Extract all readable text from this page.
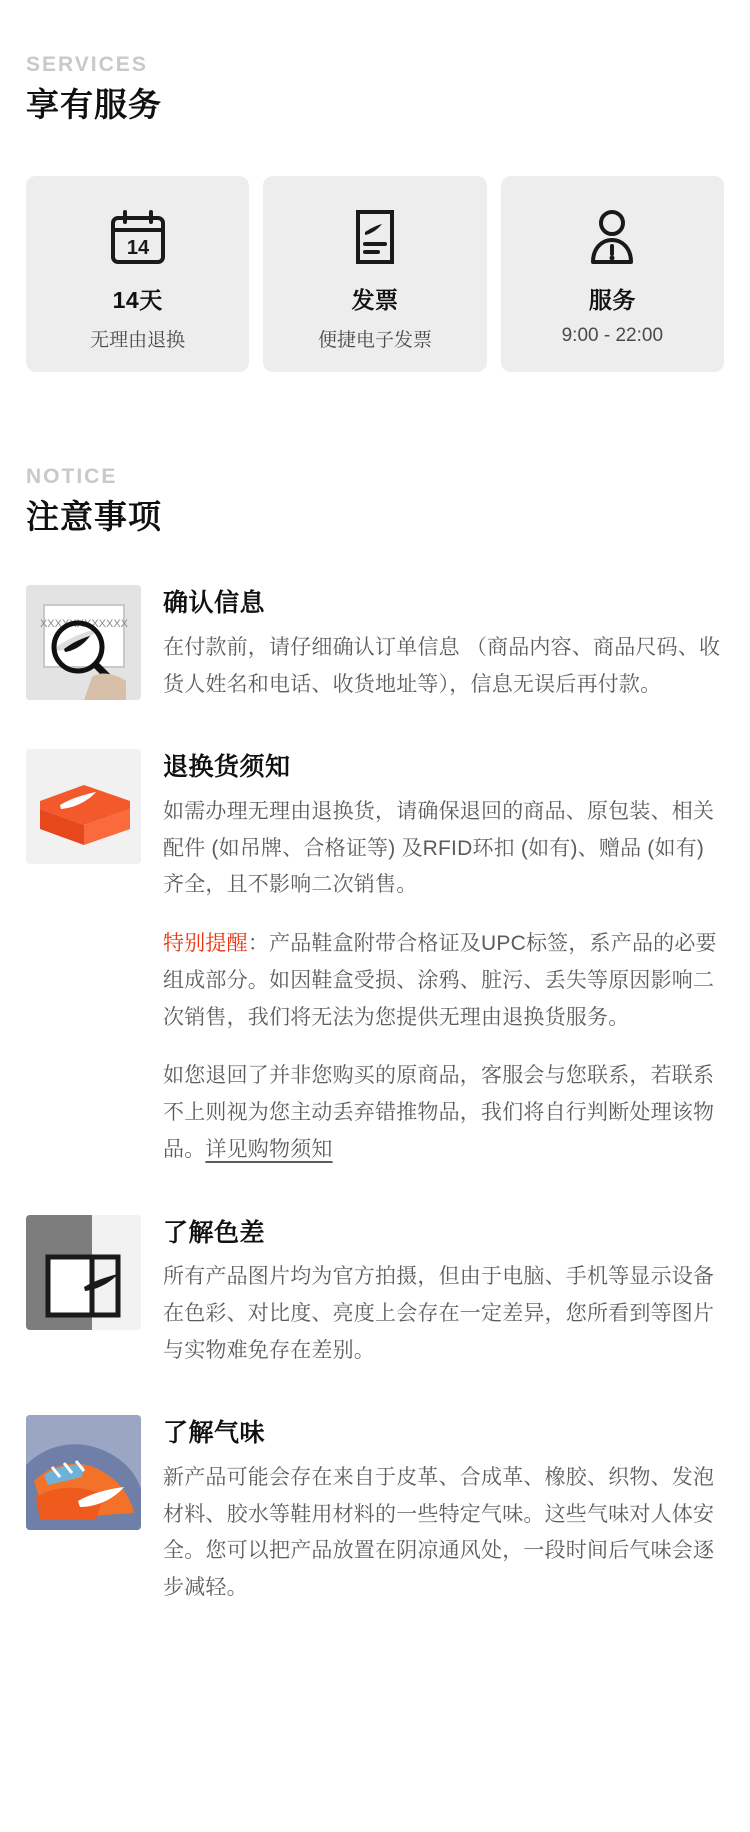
SERVICES
享有服务
14
14天
无理由退换
发票
便捷电子发票
服务
9:00 - 22:00
NOTICE
注意事项
XXXXXXXXXXXX
确认信息
在付款前，请仔细确认订单信息 （商品内容、商品尺码、收货人姓名和电话、收货地址等），信息无误后再付款。
退换货须知
如需办理无理由退换货，请确保退回的商品、原包装、相关配件 (如吊牌、合格证等) 及RFID环扣 (如有)、赠品 (如有) 齐全，且不影响二次销售。
特别提醒：产品鞋盒附带合格证及UPC标签，系产品的必要组成部分。如因鞋盒受损、涂鸦、脏污、丢失等原因影响二次销售，我们将无法为您提供无理由退换货服务。
如您退回了并非您购买的原商品，客服会与您联系，若联系不上则视为您主动丢弃错推物品，我们将自行判断处理该物品。详见购物须知
了解色差
所有产品图片均为官方拍摄，但由于电脑、手机等显示设备在色彩、对比度、亮度上会存在一定差异，您所看到等图片与实物难免存在差别。
了解气味
新产品可能会存在来自于皮革、合成革、橡胶、织物、发泡材料、胶水等鞋用材料的一些特定气味。这些气味对人体安全。您可以把产品放置在阴凉通风处，一段时间后气味会逐步减轻。
